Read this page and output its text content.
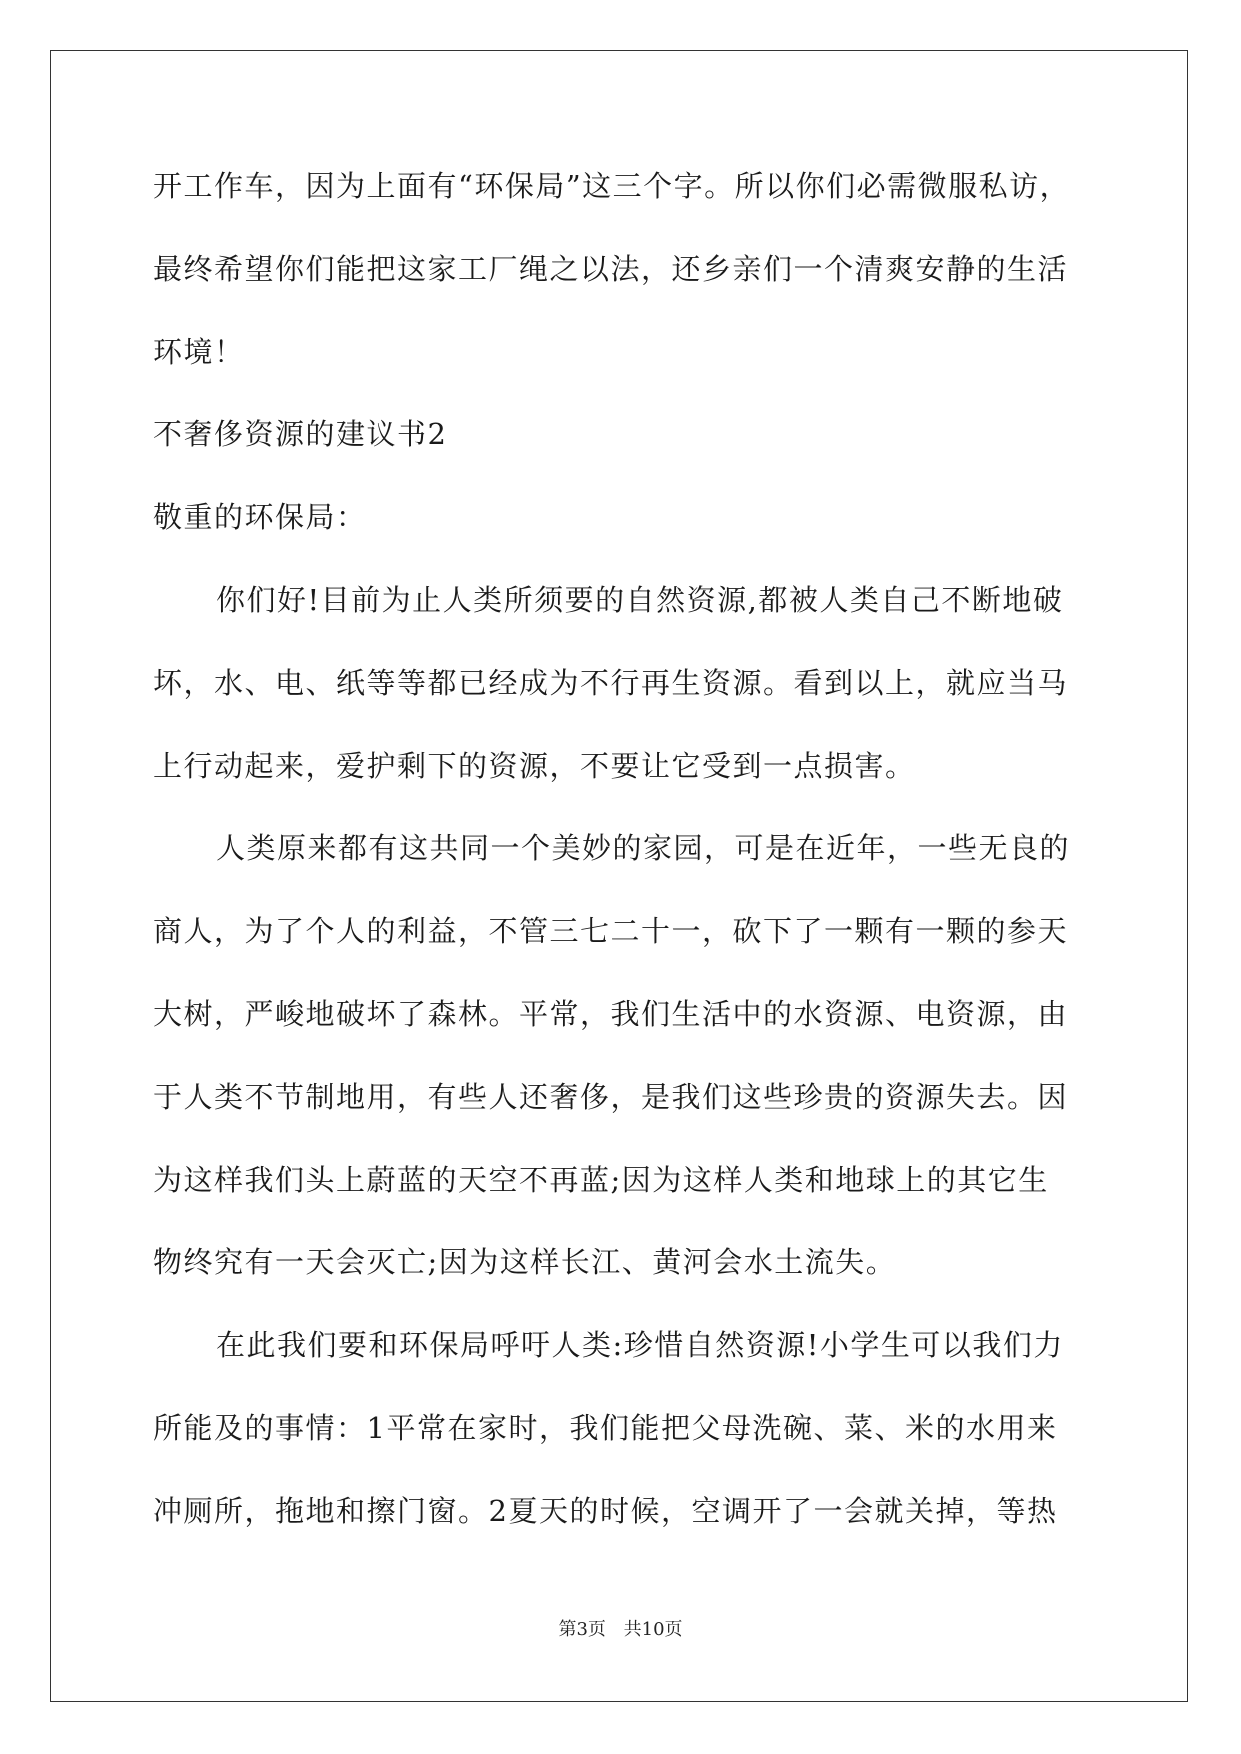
开工作车，因为上面有“环保局”这三个字。所以你们必需微服私访，
最终希望你们能把这家工厂绳之以法，还乡亲们一个清爽安静的生活
环境！
不奢侈资源的建议书2
敬重的环保局：
你们好!目前为止人类所须要的自然资源,都被人类自己不断地破
坏，水、电、纸等等都已经成为不行再生资源。看到以上，就应当马
上行动起来，爱护剩下的资源，不要让它受到一点损害。
人类原来都有这共同一个美妙的家园，可是在近年，一些无良的
商人，为了个人的利益，不管三七二十一，砍下了一颗有一颗的参天
大树，严峻地破坏了森林。平常，我们生活中的水资源、电资源，由
于人类不节制地用，有些人还奢侈，是我们这些珍贵的资源失去。因
为这样我们头上蔚蓝的天空不再蓝;因为这样人类和地球上的其它生
物终究有一天会灭亡;因为这样长江、黄河会水土流失。
在此我们要和环保局呼吁人类:珍惜自然资源!小学生可以我们力
所能及的事情：1平常在家时，我们能把父母洗碗、菜、米的水用来
冲厕所，拖地和擦门窗。2夏天的时候，空调开了一会就关掉，等热
第3页 共10页
